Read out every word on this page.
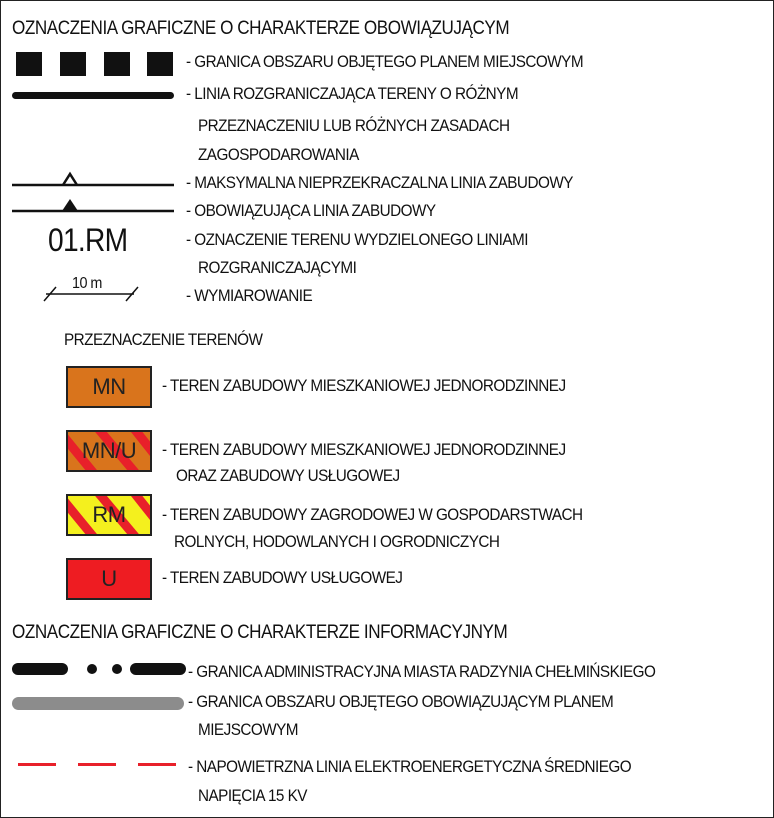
OZNACZENIA GRAFICZNE O CHARAKTERZE OBOWIĄZUJĄCYM
- GRANICA OBSZARU OBJĘTEGO PLANEM MIEJSCOWYM
- LINIA ROZGRANICZAJĄCA TERENY O RÓŻNYM
PRZEZNACZENIU LUB RÓŻNYCH ZASADACH
ZAGOSPODAROWANIA
- MAKSYMALNA NIEPRZEKRACZALNA LINIA ZABUDOWY
- OBOWIĄZUJĄCA LINIA ZABUDOWY
01.RM	- OZNACZENIE TERENU WYDZIELONEGO LINIAMI
ROZGRANICZAJĄCYMI
10 m
- WYMIAROWANIE
PRZEZNACZENIE TERENÓW
MN	- TEREN ZABUDOWY MIESZKANIOWEJ JEDNORODZINNEJ
MN/U	- TEREN ZABUDOWY MIESZKANIOWEJ JEDNORODZINNEJ
ORAZ ZABUDOWY USŁUGOWEJ
RM	- TEREN ZABUDOWY ZAGRODOWEJ W GOSPODARSTWACH
ROLNYCH, HODOWLANYCH I OGRODNICZYCH
U	- TEREN ZABUDOWY USŁUGOWEJ
OZNACZENIA GRAFICZNE O CHARAKTERZE INFORMACYJNYM
- GRANICA ADMINISTRACYJNA MIASTA RADZYNIA CHEŁMIŃSKIEGO
- GRANICA OBSZARU OBJĘTEGO OBOWIĄZUJĄCYM PLANEM
MIEJSCOWYM
- NAPOWIETRZNA LINIA ELEKTROENERGETYCZNA ŚREDNIEGO
NAPIĘCIA 15 KV
